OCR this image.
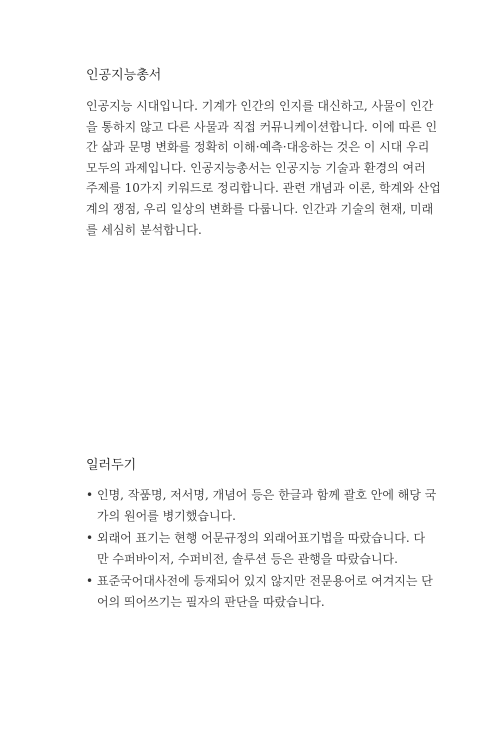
인공지능총서

인공지능 시대입니다. 기계가 인간의 인지를 대신하고, 사물이 인간
을 통하지 않고 다른 사물과 직접 커뮤니케이션합니다. 이에 따른 인
간 삶과 문명 변화를 정확히 이해·예측·대응하는 것은 이 시대 우리
모두의 과제입니다. 인공지능총서는 인공지능 기술과 환경의 여러
주제를 10가지 키워드로 정리합니다. 관련 개념과 이론, 학계와 산업
계의 쟁점, 우리 일상의 변화를 다룹니다. 인간과 기술의 현재, 미래
를 세심히 분석합니다.

일러두기
• 인명, 작품명, 저서명, 개념어 등은 한글과 함께 괄호 안에 해당 국
가의 원어를 병기했습니다.
• 외래어 표기는 현행 어문규정의 외래어표기법을 따랐습니다. 다
만 수퍼바이저, 수퍼비전, 솔루션 등은 관행을 따랐습니다.
• 표준국어대사전에 등재되어 있지 않지만 전문용어로 여겨지는 단
어의 띄어쓰기는 필자의 판단을 따랐습니다.
